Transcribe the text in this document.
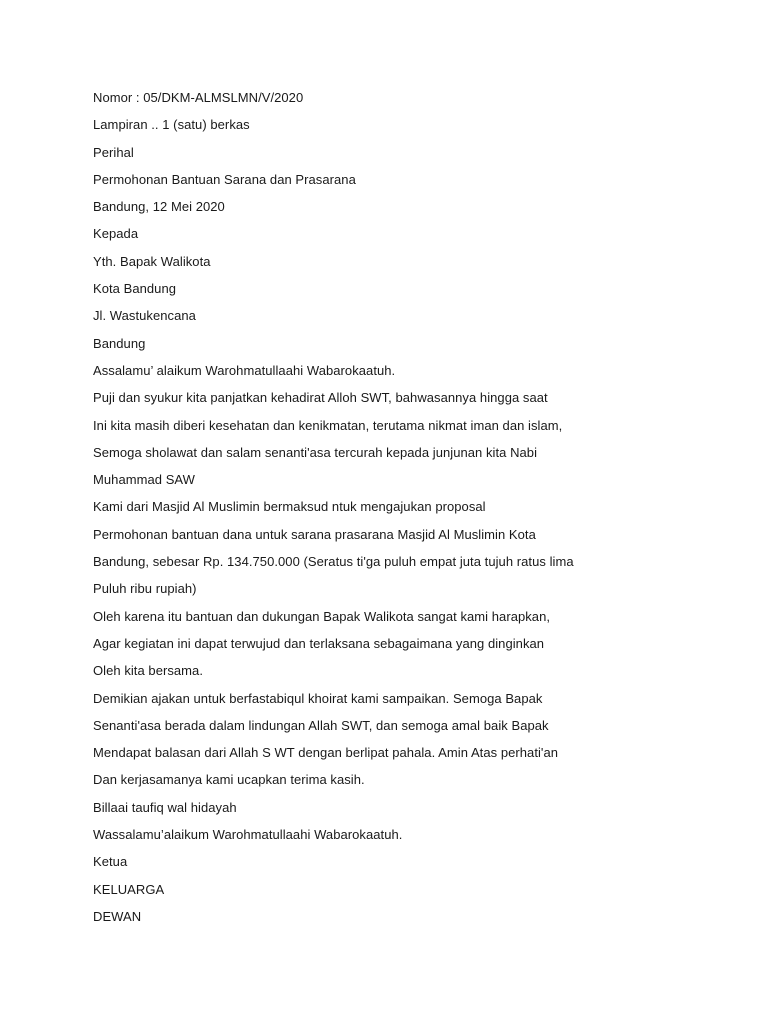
Nomor : 05/DKM-ALMSLMN/V/2020
Lampiran .. 1 (satu) berkas
Perihal
Permohonan Bantuan Sarana dan Prasarana
Bandung, 12 Mei 2020
Kepada
Yth. Bapak Walikota
Kota Bandung
Jl. Wastukencana
Bandung
Assalamu’ alaikum Warohmatullaahi Wabarokaatuh.
Puji dan syukur kita panjatkan kehadirat Alloh SWT, bahwasannya hingga saat
Ini kita masih diberi kesehatan dan kenikmatan, terutama nikmat iman dan islam,
Semoga sholawat dan salam senanti'asa tercurah kepada junjunan kita Nabi
Muhammad SAW
Kami dari Masjid Al Muslimin bermaksud ntuk mengajukan proposal
Permohonan bantuan dana untuk sarana prasarana Masjid Al Muslimin Kota
Bandung, sebesar Rp. 134.750.000 (Seratus ti'ga puluh empat juta tujuh ratus lima
Puluh ribu rupiah)
Oleh karena itu bantuan dan dukungan Bapak Walikota sangat kami harapkan,
Agar kegiatan ini dapat terwujud dan terlaksana sebagaimana yang dinginkan
Oleh kita bersama.
Demikian ajakan untuk berfastabiqul khoirat kami sampaikan. Semoga Bapak
Senanti'asa berada dalam lindungan Allah SWT, dan semoga amal baik Bapak
Mendapat balasan dari Allah S WT dengan berlipat pahala. Amin Atas perhati'an
Dan kerjasamanya kami ucapkan terima kasih.
Billaai taufiq wal hidayah
Wassalamu’alaikum Warohmatullaahi Wabarokaatuh.
Ketua
KELUARGA
DEWAN
